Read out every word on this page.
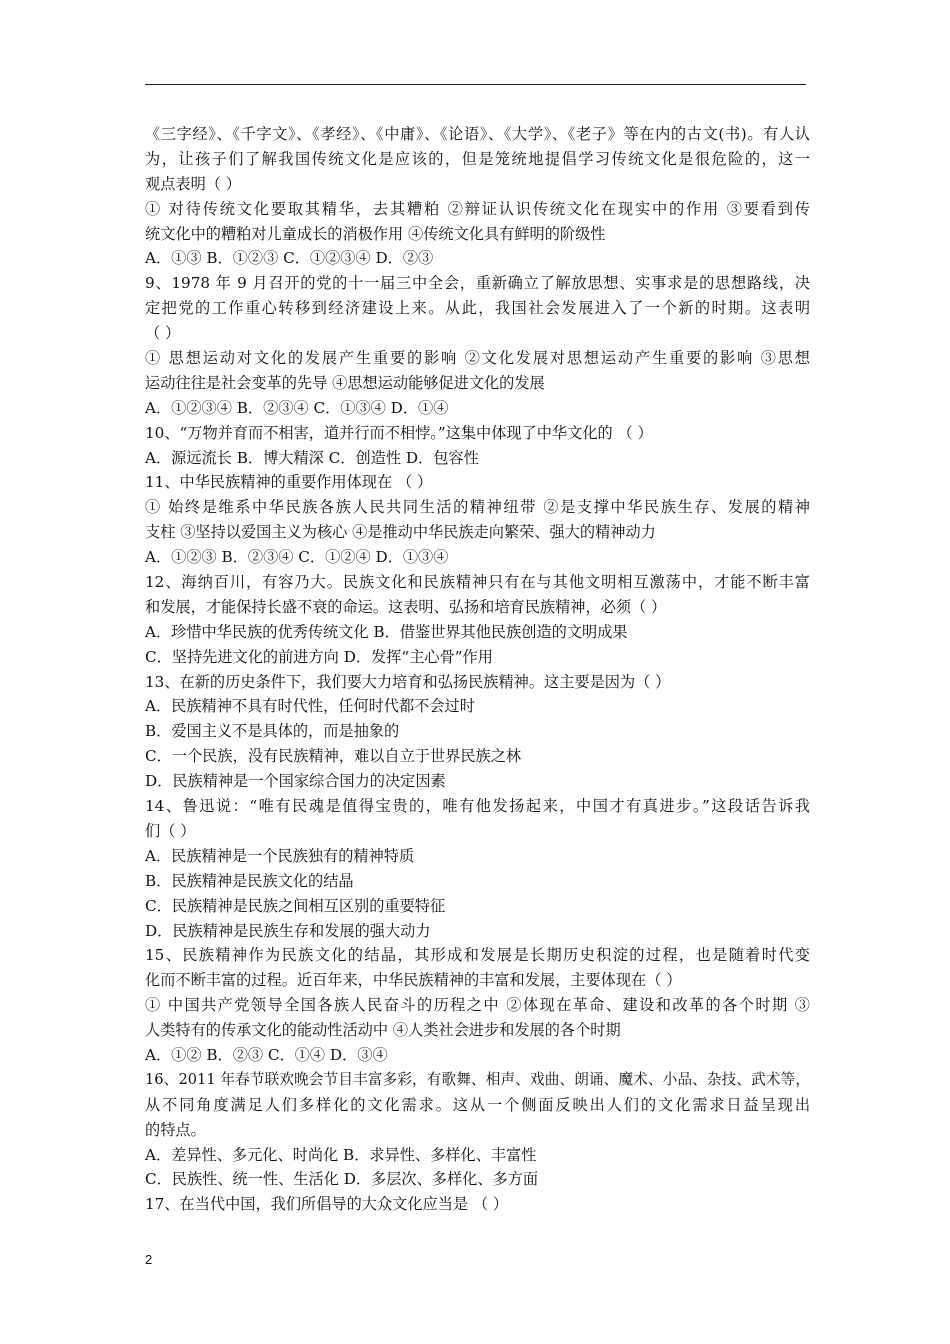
《三字经》、《千字文》、《孝经》、《中庸》、《论语》、《大学》、《老子》等在内的古文(书)。有人认
为，让孩子们了解我国传统文化是应该的，但是笼统地提倡学习传统文化是很危险的，这一
观点表明（ ）
① 对待传统文化要取其精华，去其糟粕 ②辩证认识传统文化在现实中的作用 ③要看到传
统文化中的糟粕对儿童成长的消极作用 ④传统文化具有鲜明的阶级性
A．①③ B．①②③ C．①②③④ D．②③
9、1978 年 9 月召开的党的十一届三中全会，重新确立了解放思想、实事求是的思想路线，决
定把党的工作重心转移到经济建设上来。从此，我国社会发展进入了一个新的时期。这表明
（ ）
① 思想运动对文化的发展产生重要的影响 ②文化发展对思想运动产生重要的影响 ③思想
运动往往是社会变革的先导 ④思想运动能够促进文化的发展
A．①②③④ B．②③④ C．①③④ D．①④
10、“万物并育而不相害，道并行而不相悖。”这集中体现了中华文化的 （ ）
A．源远流长 B．博大精深 C．创造性 D．包容性
11、中华民族精神的重要作用体现在 （ ）
① 始终是维系中华民族各族人民共同生活的精神纽带 ②是支撑中华民族生存、发展的精神
支柱 ③坚持以爱国主义为核心 ④是推动中华民族走向繁荣、强大的精神动力
A．①②③ B．②③④ C．①②④ D．①③④
12、海纳百川，有容乃大。民族文化和民族精神只有在与其他文明相互激荡中，才能不断丰富
和发展，才能保持长盛不衰的命运。这表明、弘扬和培育民族精神，必须（ ）
A．珍惜中华民族的优秀传统文化 B．借鉴世界其他民族创造的文明成果
C．坚持先进文化的前进方向 D．发挥“主心骨”作用
13、在新的历史条件下，我们要大力培育和弘扬民族精神。这主要是因为（ ）
A．民族精神不具有时代性，任何时代都不会过时
B．爱国主义不是具体的，而是抽象的
C．一个民族，没有民族精神，难以自立于世界民族之林
D．民族精神是一个国家综合国力的决定因素
14、鲁迅说：“唯有民魂是值得宝贵的，唯有他发扬起来，中国才有真进步。”这段话告诉我
们（ ）
A．民族精神是一个民族独有的精神特质
B．民族精神是民族文化的结晶
C．民族精神是民族之间相互区别的重要特征
D．民族精神是民族生存和发展的强大动力
15、民族精神作为民族文化的结晶，其形成和发展是长期历史积淀的过程，也是随着时代变
化而不断丰富的过程。近百年来，中华民族精神的丰富和发展，主要体现在（ ）
① 中国共产党领导全国各族人民奋斗的历程之中 ②体现在革命、建设和改革的各个时期 ③
人类特有的传承文化的能动性活动中 ④人类社会进步和发展的各个时期
A．①② B．②③ C．①④ D．③④
16、2011 年春节联欢晚会节目丰富多彩，有歌舞、相声、戏曲、朗诵、魔术、小品、杂技、武术等，
从不同角度满足人们多样化的文化需求。这从一个侧面反映出人们的文化需求日益呈现出
的特点。
A．差异性、多元化、时尚化 B．求异性、多样化、丰富性
C．民族性、统一性、生活化 D．多层次、多样化、多方面
17、在当代中国，我们所倡导的大众文化应当是 （ ）
2
